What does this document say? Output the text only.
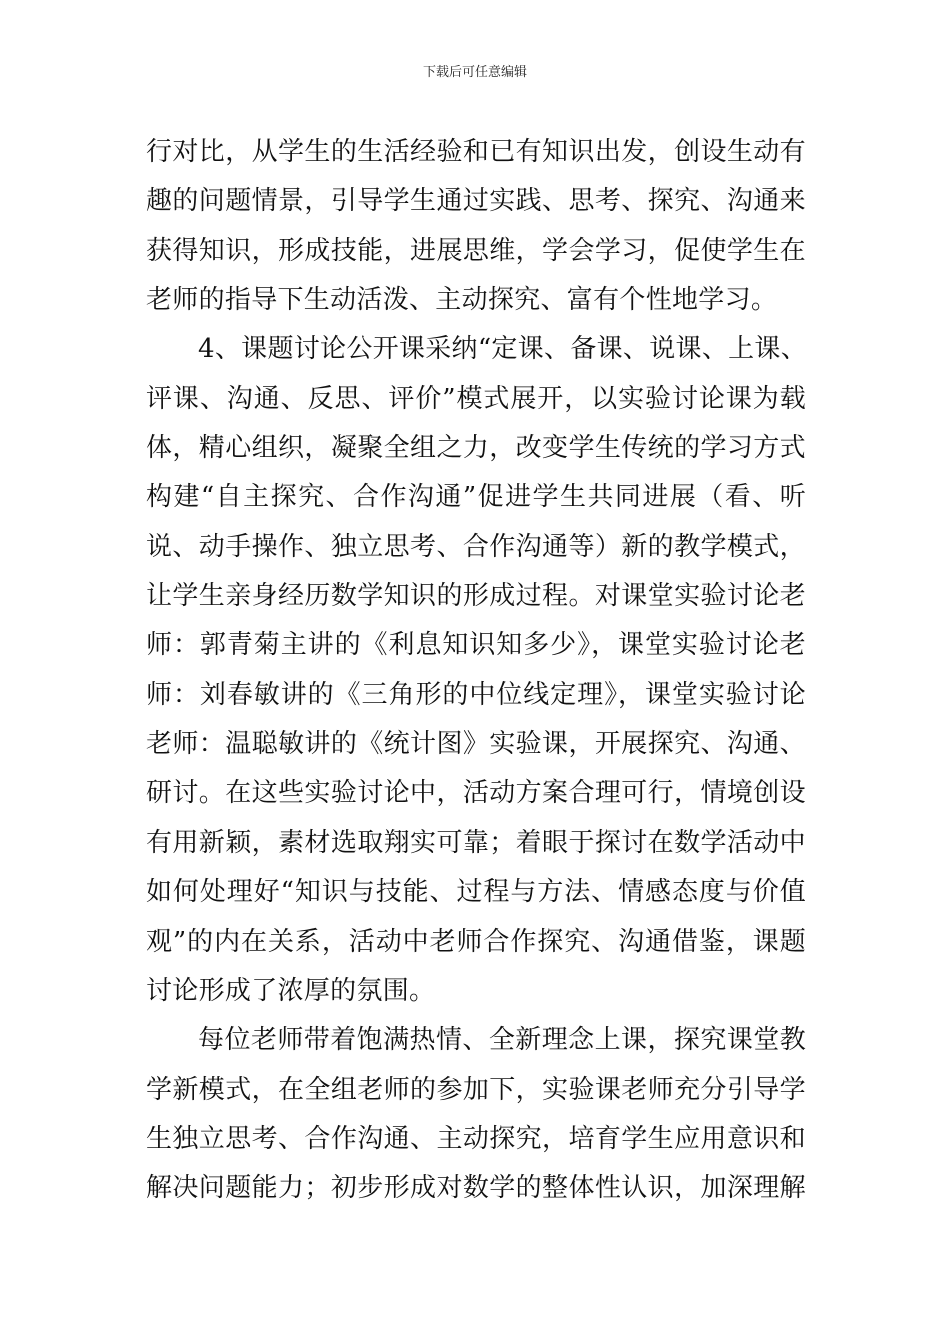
下载后可任意编辑
行对比，从学生的生活经验和已有知识出发，创设生动有
趣的问题情景，引导学生通过实践、思考、探究、沟通来
获得知识，形成技能，进展思维，学会学习，促使学生在
老师的指导下生动活泼、主动探究、富有个性地学习。
4、课题讨论公开课采纳“定课、备课、说课、上课、
评课、沟通、反思、评价”模式展开，以实验讨论课为载
体，精心组织，凝聚全组之力，改变学生传统的学习方式
构建“自主探究、合作沟通”促进学生共同进展（看、听
说、动手操作、独立思考、合作沟通等）新的教学模式，
让学生亲身经历数学知识的形成过程。对课堂实验讨论老
师：郭青菊主讲的《利息知识知多少》，课堂实验讨论老
师：刘春敏讲的《三角形的中位线定理》，课堂实验讨论
老师：温聪敏讲的《统计图》实验课，开展探究、沟通、
研讨。在这些实验讨论中，活动方案合理可行，情境创设
有用新颖，素材选取翔实可靠；着眼于探讨在数学活动中
如何处理好“知识与技能、过程与方法、情感态度与价值
观”的内在关系，活动中老师合作探究、沟通借鉴，课题
讨论形成了浓厚的氛围。
每位老师带着饱满热情、全新理念上课，探究课堂教
学新模式，在全组老师的参加下，实验课老师充分引导学
生独立思考、合作沟通、主动探究，培育学生应用意识和
解决问题能力；初步形成对数学的整体性认识，加深理解
